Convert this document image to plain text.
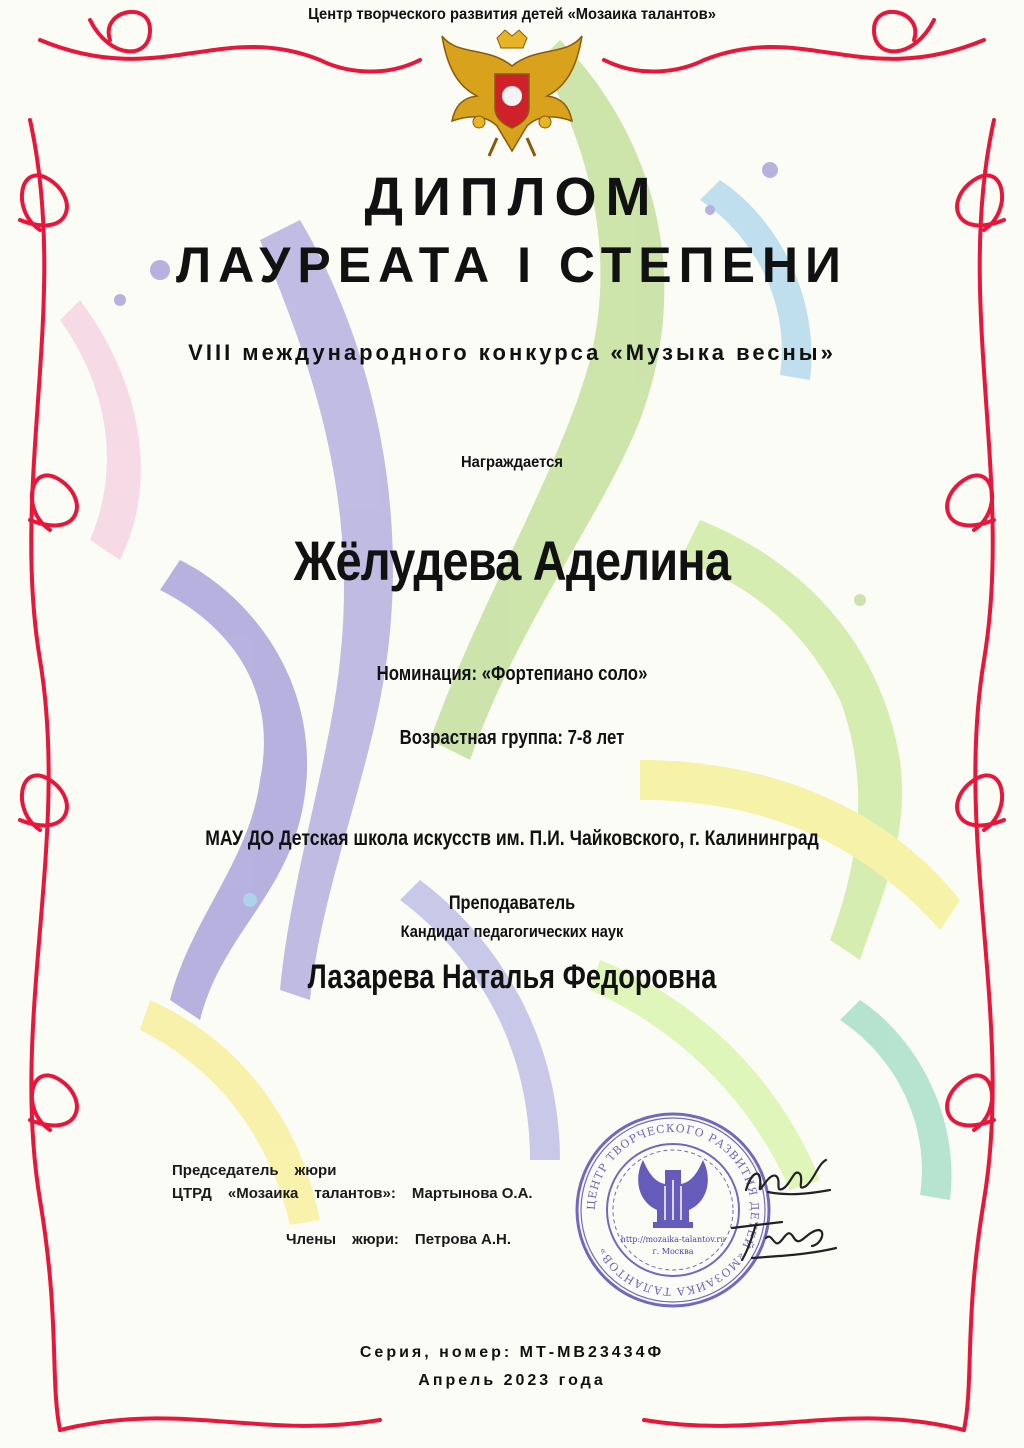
Центр творческого развития детей «Мозаика талантов»
ДИПЛОМ
ЛАУРЕАТА I СТЕПЕНИ
VIII международного конкурса «Музыка весны»
Награждается
Жёлудева Аделина
Номинация: «Фортепиано соло»
Возрастная группа: 7-8 лет
МАУ ДО Детская школа искусств им. П.И. Чайковского, г. Калининград
Преподаватель
Кандидат педагогических наук
Лазарева Наталья Федоровна
Председатель жюри
ЦТРД «Мозаика талантов»: Мартынова О.А.
Члены жюри: Петрова А.Н.
ЦЕНТР ТВОРЧЕСКОГО РАЗВИТИЯ ДЕТЕЙ «МОЗАИКА ТАЛАНТОВ»
http://mozaika-talantov.ru
г. Москва
Серия, номер: МТ-МВ23434Ф
Апрель 2023 года
